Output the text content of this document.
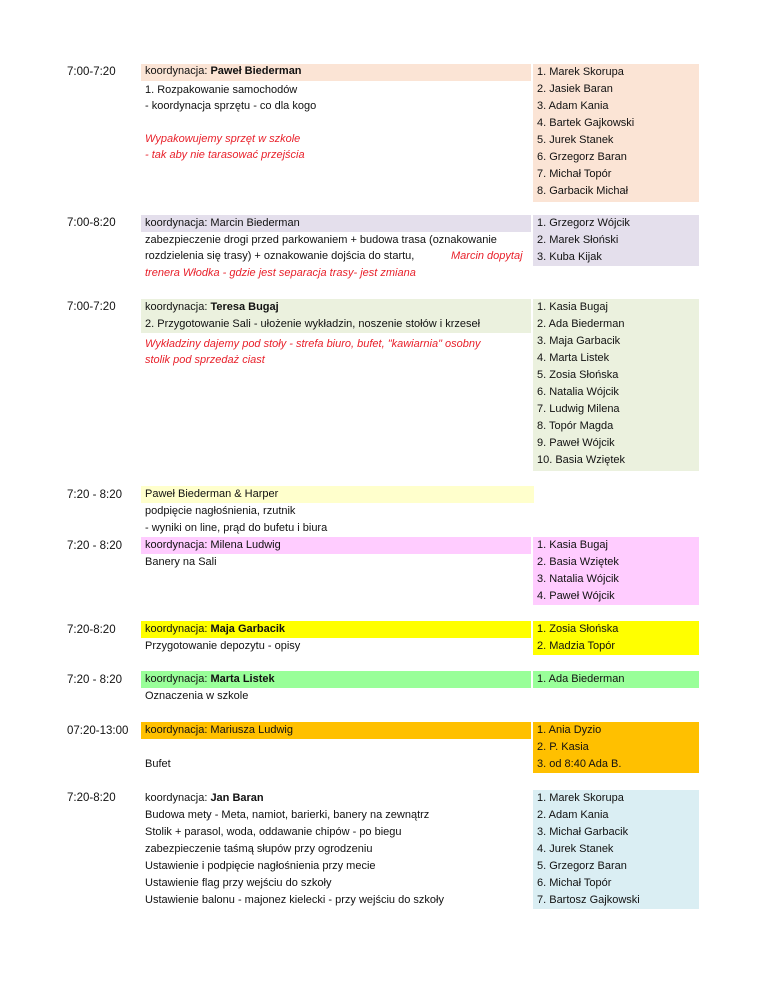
7:00-7:20	koordynacja: Paweł Biederman
1. Rozpakowanie samochodów
- koordynacja sprzętu - co dla kogo
Wypakowujemy sprzęt w szkole
- tak aby nie tarasować przejścia
1. Marek Skorupa
2. Jasiek Baran
3. Adam Kania
4. Bartek Gajkowski
5. Jurek Stanek
6. Grzegorz Baran
7. Michał Topór
8. Garbacik Michał
7:00-8:20	koordynacja: Marcin Biederman
zabezpieczenie drogi przed parkowaniem + budowa trasa (oznakowanie
rozdzielenia się trasy) + oznakowanie dojścia do startu,	Marcin dopytaj
trenera Włodka - gdzie jest separacja trasy- jest zmiana
1. Grzegorz Wójcik
2. Marek Słoński
3. Kuba Kijak
7:00-7:20	koordynacja: Teresa Bugaj
2. Przygotowanie Sali - ułożenie wykładzin, noszenie stołów i krzeseł
Wykładziny dajemy pod stoły - strefa biuro, bufet, "kawiarnia" osobny
stolik pod sprzedaż ciast
1. Kasia Bugaj
2. Ada Biederman
3. Maja Garbacik
4. Marta Listek
5. Zosia Słońska
6. Natalia Wójcik
7. Ludwig Milena
8. Topór Magda
9. Paweł Wójcik
10. Basia Wziętek
7:20 - 8:20 Paweł Biederman & Harper
podpięcie nagłośnienia, rzutnik
- wyniki on line, prąd do bufetu i biura
7:20 - 8:20 koordynacja: Milena Ludwig
Banery na Sali
1. Kasia Bugaj
2. Basia Wziętek
3. Natalia Wójcik
4. Paweł Wójcik
7:20-8:20	koordynacja: Maja Garbacik
Przygotowanie depozytu - opisy
1. Zosia Słońska
2. Madzia Topór
7:20 - 8:20 koordynacja: Marta Listek
Oznaczenia w szkole
1. Ada Biederman
07:20-13:00 koordynacja: Mariusza Ludwig
Bufet
1. Ania Dyzio
2. P. Kasia
3. od 8:40 Ada B.
7:20-8:20	koordynacja: Jan Baran
Budowa mety - Meta, namiot, barierki, banery na zewnątrz
Stolik + parasol, woda, oddawanie chipów - po biegu
zabezpieczenie taśmą słupów przy ogrodzeniu
Ustawienie i podpięcie nagłośnienia przy mecie
Ustawienie flag przy wejściu do szkoły
Ustawienie balonu - majonez kielecki - przy wejściu do szkoły
1. Marek Skorupa
2. Adam Kania
3. Michał Garbacik
4. Jurek Stanek
5. Grzegorz Baran
6. Michał Topór
7. Bartosz Gajkowski
